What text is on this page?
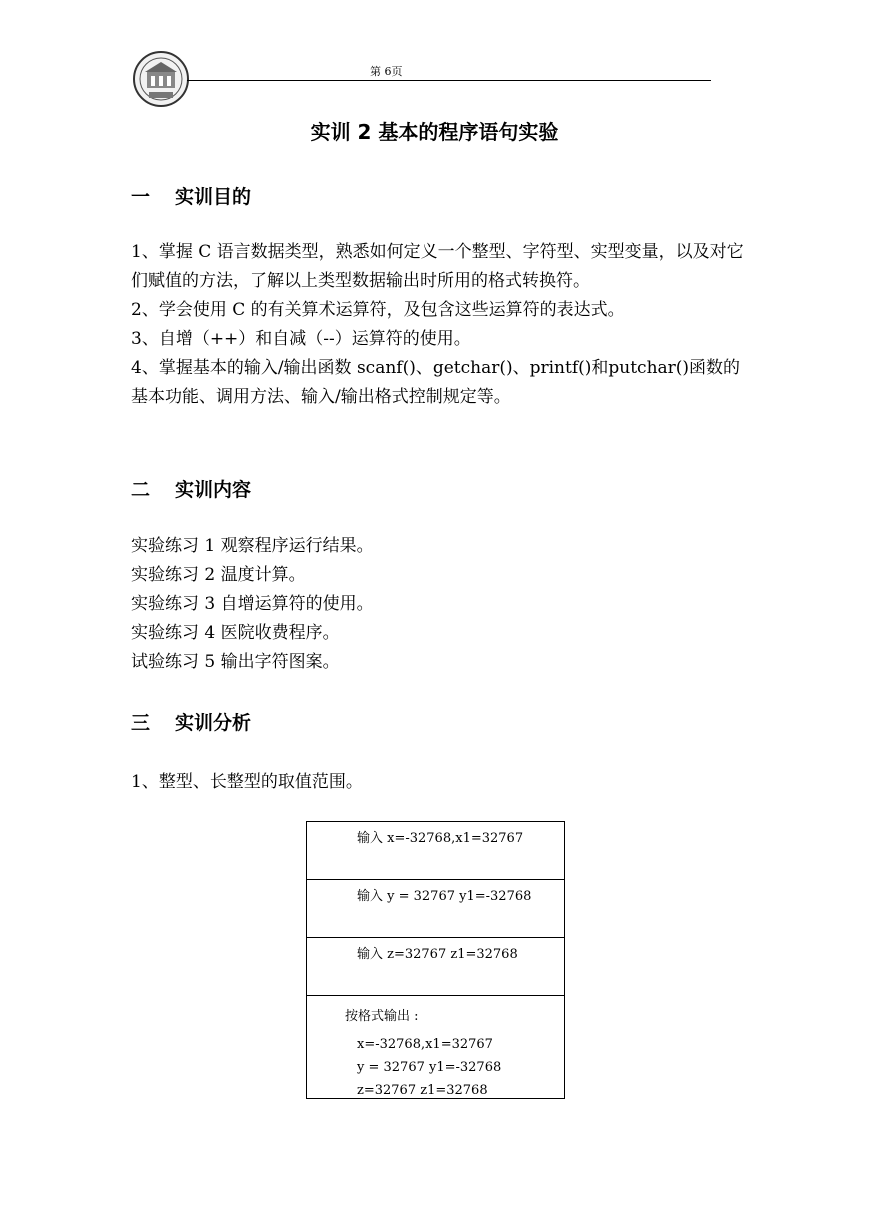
第 6页
实训 2 基本的程序语句实验
一 实训目的

1、掌握 C 语言数据类型，熟悉如何定义一个整型、字符型、实型变量，以及对它们赋值的方法，了解以上类型数据输出时所用的格式转换符。

2、学会使用 C 的有关算术运算符，及包含这些运算符的表达式。

3、自增（++）和自减（--）运算符的使用。

4、掌握基本的输入/输出函数 scanf()、getchar()、printf()和putchar()函数的基本功能、调用方法、输入/输出格式控制规定等。

二 实训内容
实验练习 1 观察程序运行结果。
实验练习 2 温度计算。
实验练习 3 自增运算符的使用。
实验练习 4 医院收费程序。
试验练习 5 输出字符图案。
三 实训分析
1、整型、长整型的取值范围。
输入 x=-32768,x1=32767

输入 y = 32767 y1=-32768

输入 z=32767 z1=32768

按格式输出 :
x=-32768,x1=32767
y = 32767 y1=-32768
z=32767 z1=32768
